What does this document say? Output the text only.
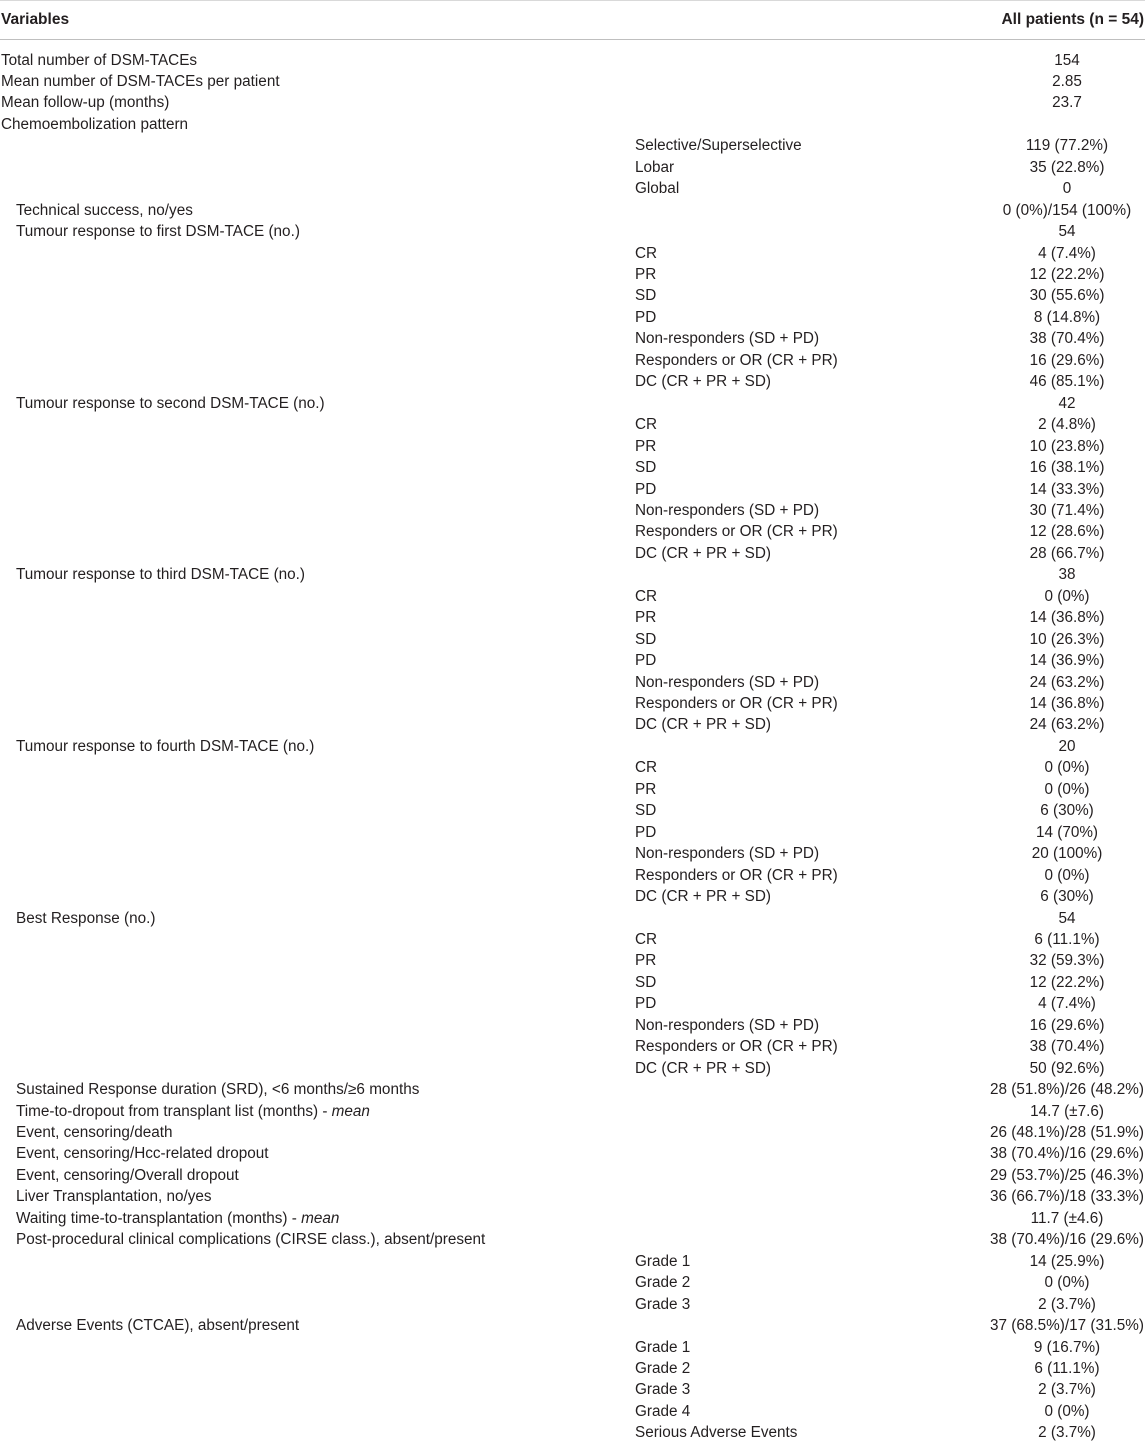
Variables	All patients (n = 54)
Total number of DSM-TACEs	154
Mean number of DSM-TACEs per patient	2.85
Mean follow-up (months)	23.7
Chemoembolization pattern
Selective/Superselective	119 (77.2%)
Lobar	35 (22.8%)
Global	0
Technical success, no/yes	0 (0%)/154 (100%)
Tumour response to first DSM-TACE (no.)	54
CR	4 (7.4%)
PR	12 (22.2%)
SD	30 (55.6%)
PD	8 (14.8%)
Non-responders (SD + PD)	38 (70.4%)
Responders or OR (CR + PR)	16 (29.6%)
DC (CR + PR + SD)	46 (85.1%)
Tumour response to second DSM-TACE (no.)	42
CR	2 (4.8%)
PR	10 (23.8%)
SD	16 (38.1%)
PD	14 (33.3%)
Non-responders (SD + PD)	30 (71.4%)
Responders or OR (CR + PR)	12 (28.6%)
DC (CR + PR + SD)	28 (66.7%)
Tumour response to third DSM-TACE (no.)	38
CR	0 (0%)
PR	14 (36.8%)
SD	10 (26.3%)
PD	14 (36.9%)
Non-responders (SD + PD)	24 (63.2%)
Responders or OR (CR + PR)	14 (36.8%)
DC (CR + PR + SD)	24 (63.2%)
Tumour response to fourth DSM-TACE (no.)	20
CR	0 (0%)
PR	0 (0%)
SD	6 (30%)
PD	14 (70%)
Non-responders (SD + PD)	20 (100%)
Responders or OR (CR + PR)	0 (0%)
DC (CR + PR + SD)	6 (30%)
Best Response (no.)	54
CR	6 (11.1%)
PR	32 (59.3%)
SD	12 (22.2%)
PD	4 (7.4%)
Non-responders (SD + PD)	16 (29.6%)
Responders or OR (CR + PR)	38 (70.4%)
DC (CR + PR + SD)	50 (92.6%)
Sustained Response duration (SRD), <6 months/≥6 months	28 (51.8%)/26 (48.2%)
Time-to-dropout from transplant list (months) - mean	14.7 (±7.6)
Event, censoring/death	26 (48.1%)/28 (51.9%)
Event, censoring/Hcc-related dropout	38 (70.4%)/16 (29.6%)
Event, censoring/Overall dropout	29 (53.7%)/25 (46.3%)
Liver Transplantation, no/yes	36 (66.7%)/18 (33.3%)
Waiting time-to-transplantation (months) - mean	11.7 (±4.6)
Post-procedural clinical complications (CIRSE class.), absent/present	38 (70.4%)/16 (29.6%)
Grade 1	14 (25.9%)
Grade 2	0 (0%)
Grade 3	2 (3.7%)
Adverse Events (CTCAE), absent/present	37 (68.5%)/17 (31.5%)
Grade 1	9 (16.7%)
Grade 2	6 (11.1%)
Grade 3	2 (3.7%)
Grade 4	0 (0%)
Serious Adverse Events	2 (3.7%)
